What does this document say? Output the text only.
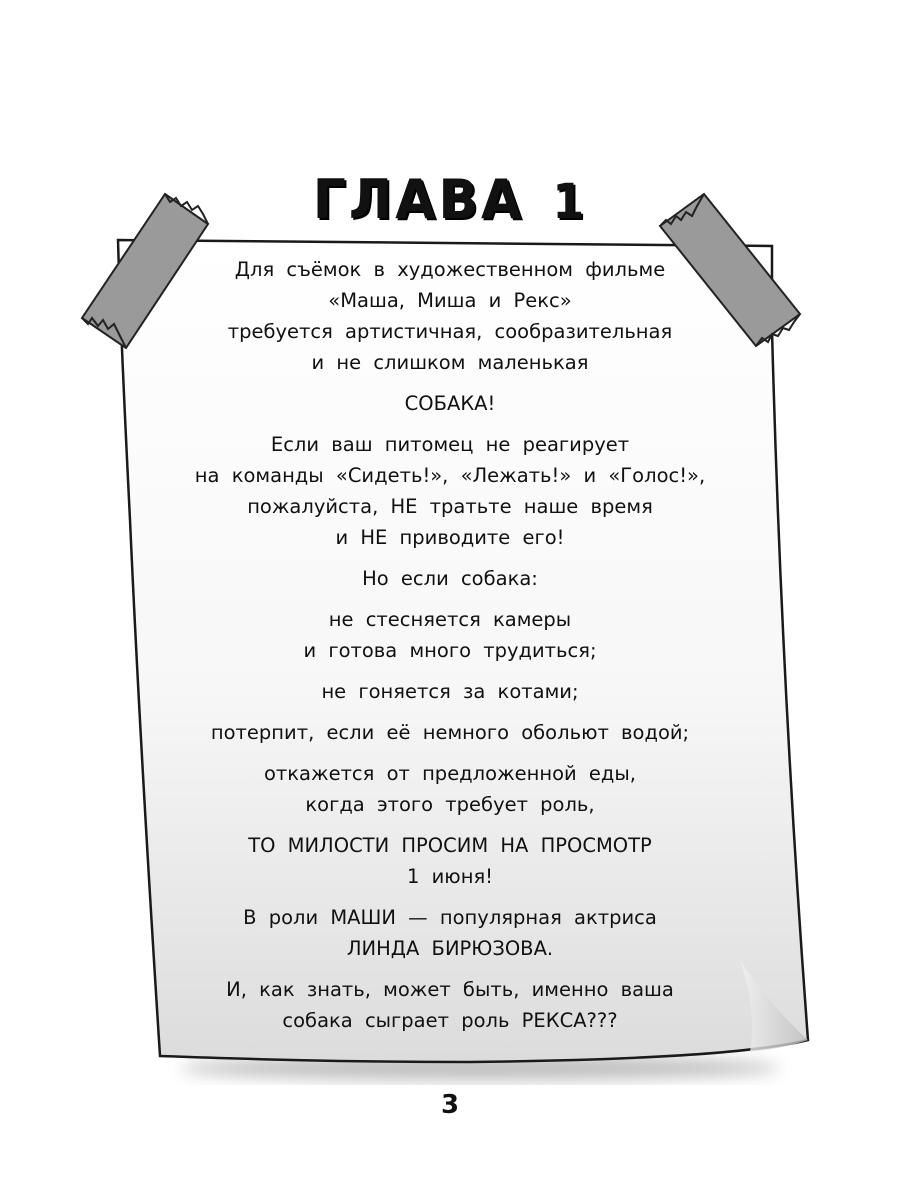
ГЛАВА 1

Для съёмок в художественном фильме

«Маша, Миша и Рекс»

требуется артистичная, сообразительная

и не слишком маленькая

СОБАКА!

Если ваш питомец не реагирует

на команды «Сидеть!», «Лежать!» и «Голос!»,

пожалуйста, НЕ тратьте наше время

и НЕ приводите его!

Но если собака:

не стесняется камеры

и готова много трудиться;

не гоняется за котами;

потерпит, если её немного обольют водой;

откажется от предложенной еды,

когда этого требует роль,

ТО МИЛОСТИ ПРОСИМ НА ПРОСМОТР

1 июня!

В роли МАШИ — популярная актриса

ЛИНДА БИРЮЗОВА.

И, как знать, может быть, именно ваша

собака сыграет роль РЕКСА???

3
